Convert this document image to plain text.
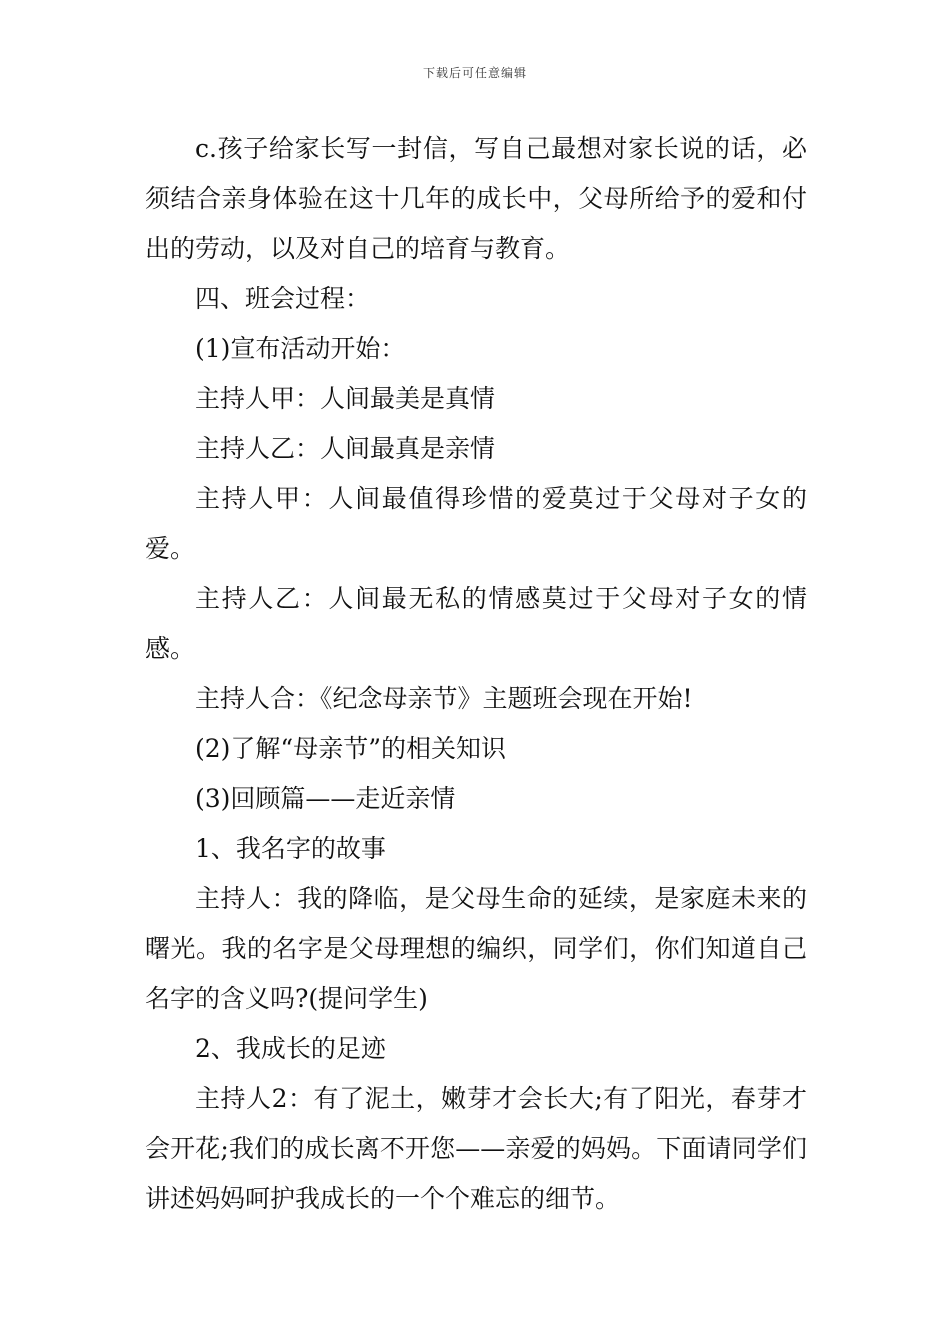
下载后可任意编辑

c.孩子给家长写一封信，写自己最想对家长说的话，必须结合亲身体验在这十几年的成长中，父母所给予的爱和付出的劳动，以及对自己的培育与教育。

四、班会过程：

(1)宣布活动开始：

主持人甲：人间最美是真情

主持人乙：人间最真是亲情

主持人甲：人间最值得珍惜的爱莫过于父母对子女的爱。

主持人乙：人间最无私的情感莫过于父母对子女的情感。

主持人合：《纪念母亲节》主题班会现在开始!

(2)了解“母亲节”的相关知识

(3)回顾篇——走近亲情

1、我名字的故事

主持人：我的降临，是父母生命的延续，是家庭未来的曙光。我的名字是父母理想的编织，同学们，你们知道自己名字的含义吗?(提问学生)

2、我成长的足迹

主持人2：有了泥土，嫩芽才会长大;有了阳光，春芽才会开花;我们的成长离不开您——亲爱的妈妈。下面请同学们讲述妈妈呵护我成长的一个个难忘的细节。
